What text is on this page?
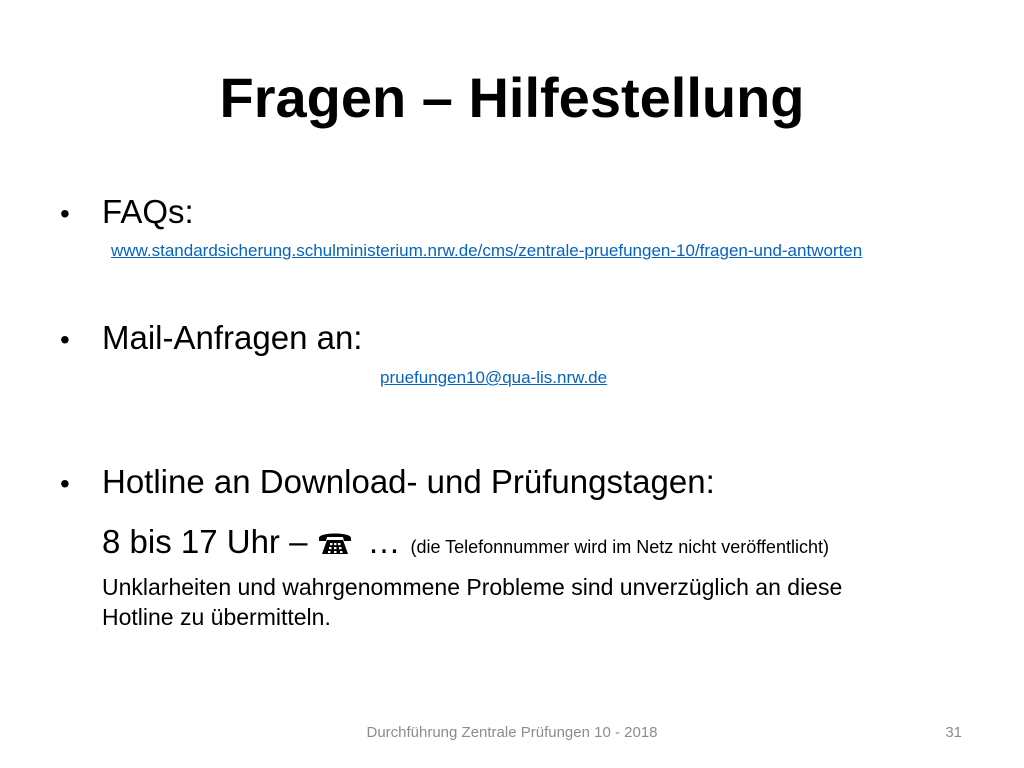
Fragen – Hilfestellung
• FAQs:
www.standardsicherung.schulministerium.nrw.de/cms/zentrale-pruefungen-10/fragen-und-antworten
• Mail-Anfragen an:
pruefungen10@qua-lis.nrw.de
• Hotline an Download- und Prüfungstagen:
8 bis 17 Uhr – … (die Telefonnummer wird im Netz nicht veröffentlicht)
Unklarheiten und wahrgenommene Probleme sind unverzüglich an diese Hotline zu übermitteln.
Durchführung Zentrale Prüfungen 10 - 2018	31
